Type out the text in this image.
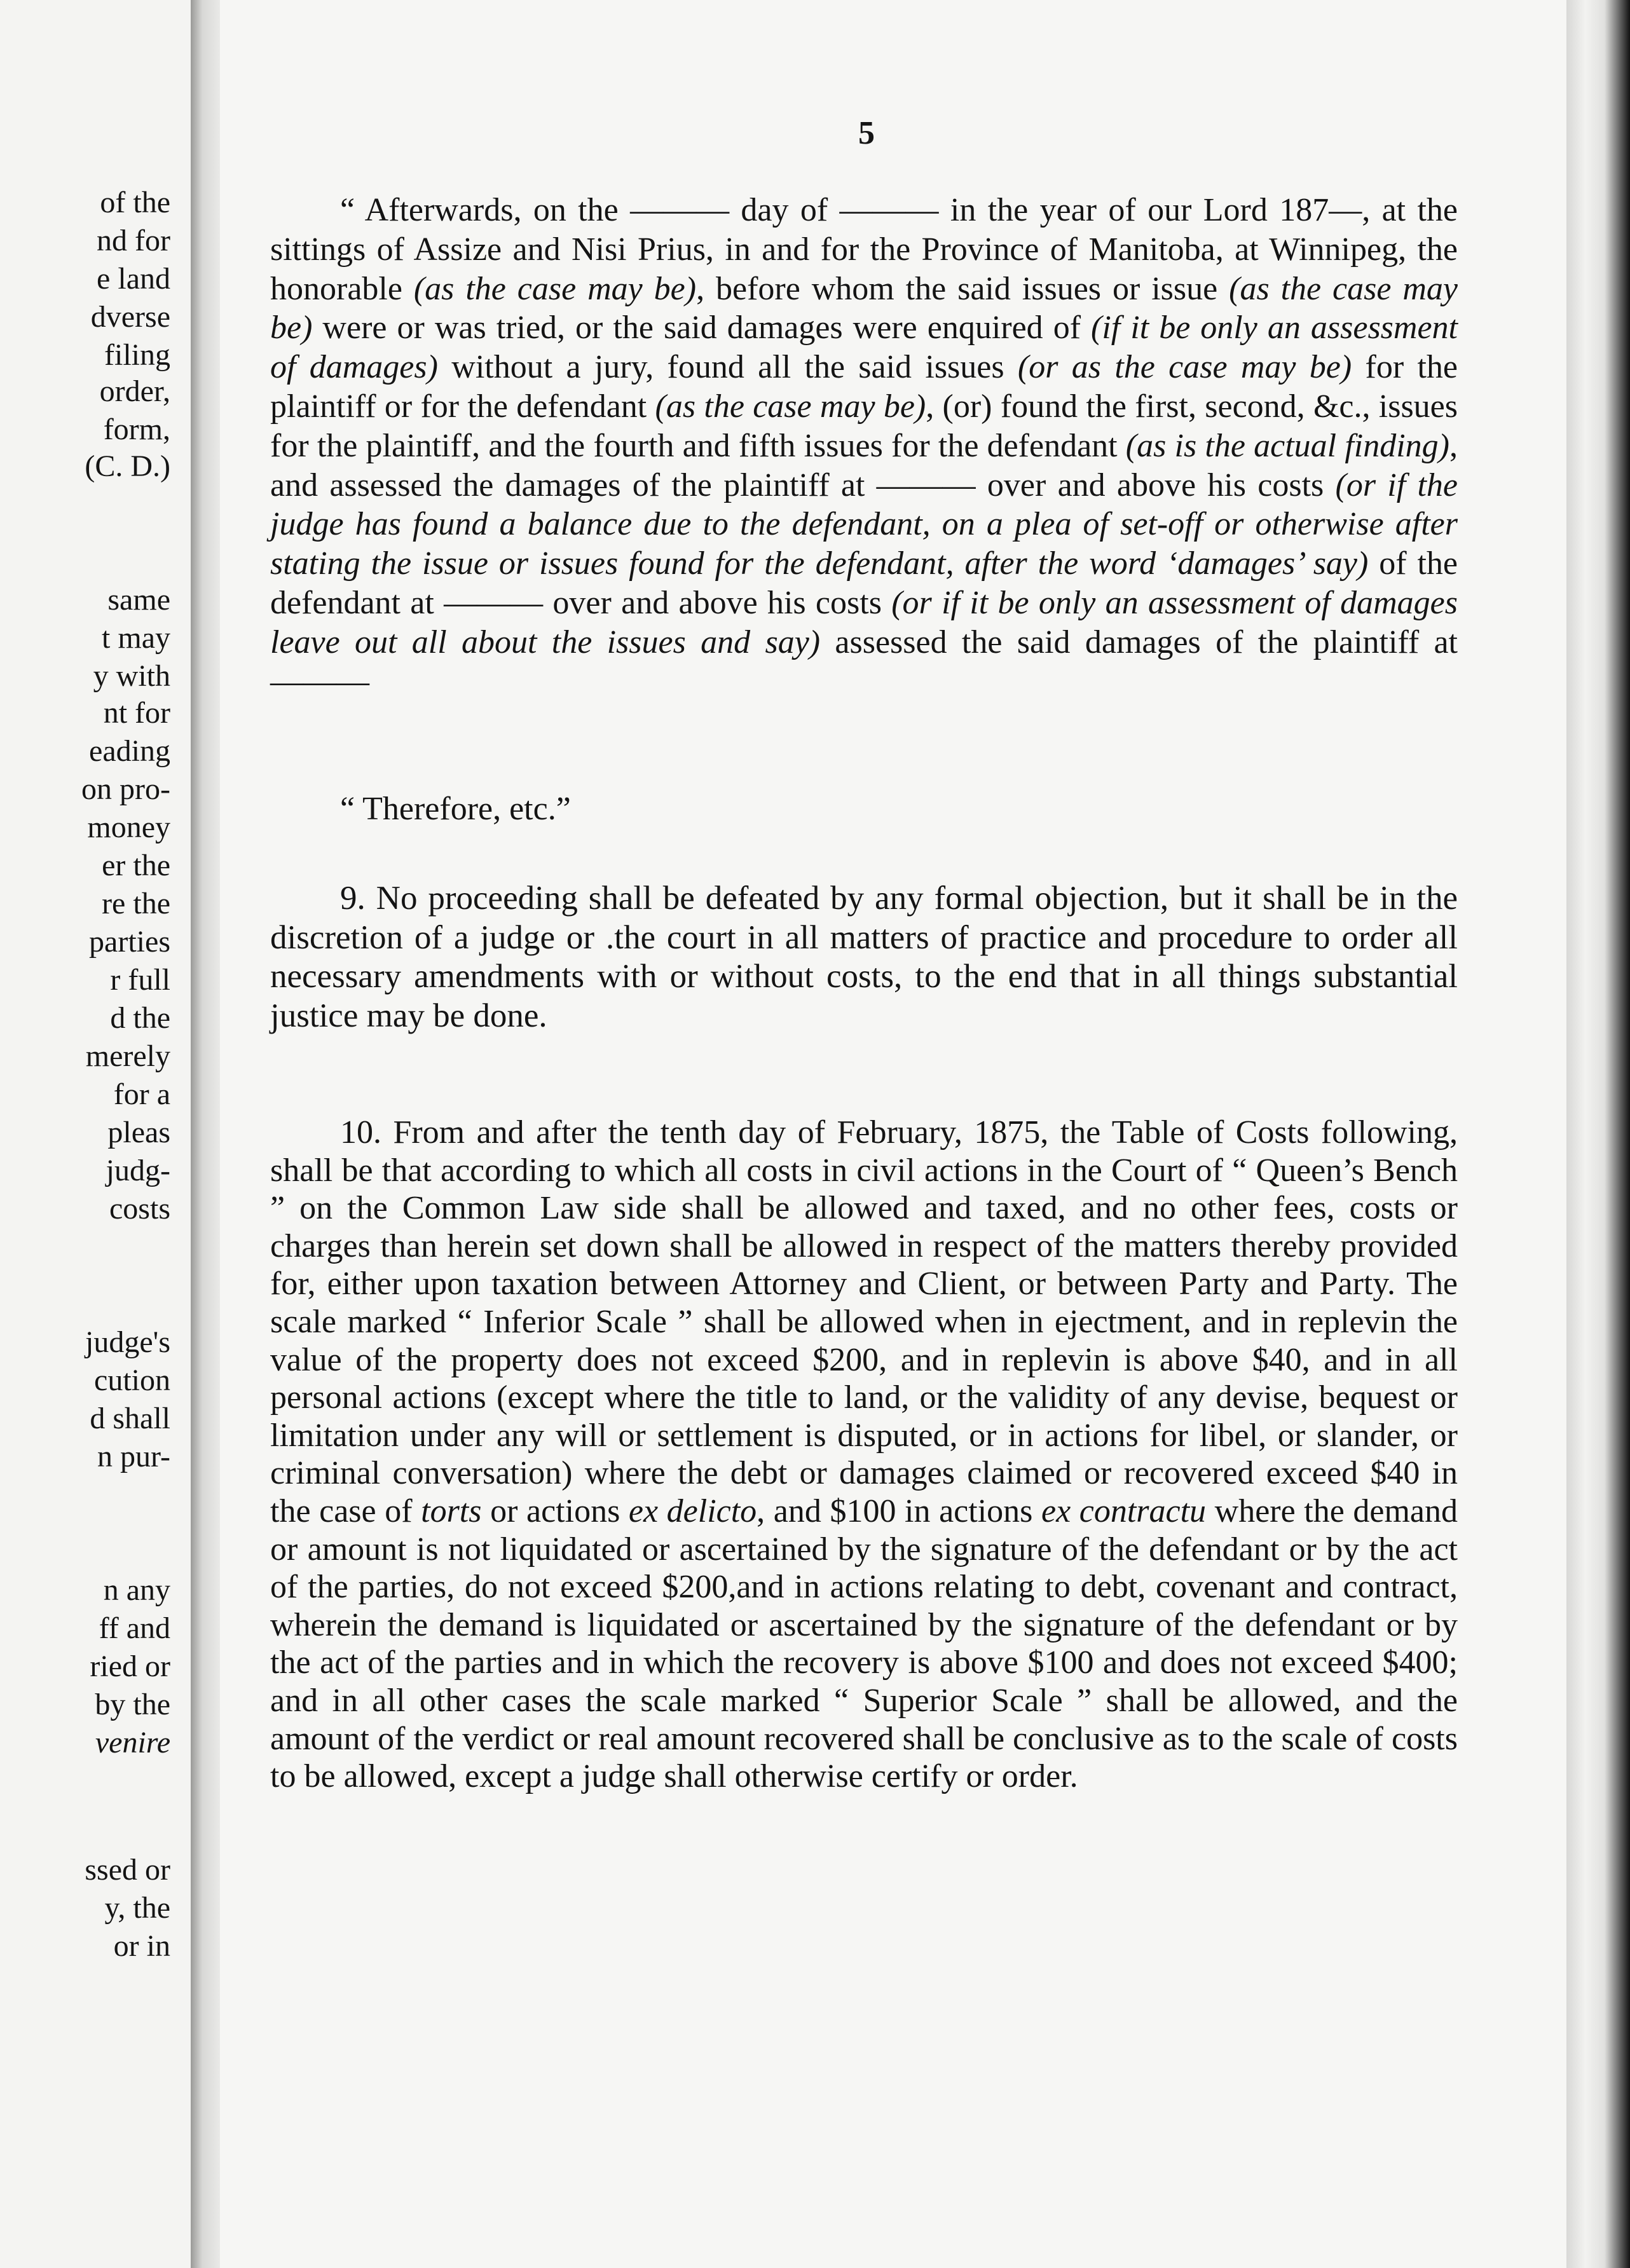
of the
nd for
e land
dverse
filing
order,
form,
(C. D.)
same
t may
y with
nt for
eading
on pro-
money
er the
re the
parties
r full
d the
merely
for a
pleas
judg-
costs
judge's
cution
d shall
n pur-
n any
ff and
ried or
by the
venire
ssed or
y, the
or in
5

“ Afterwards, on the ——— day of ——— in the year of our Lord 187—, at the sittings of Assize and Nisi Prius, in and for the Province of Manitoba, at Winnipeg, the honorable (as the case may be), before whom the said issues or issue (as the case may be) were or was tried, or the said damages were enquired of (if it be only an assessment of damages) without a jury, found all the said issues (or as the case may be) for the plaintiff or for the defendant (as the case may be), (or) found the first, second, &c., issues for the plaintiff, and the fourth and fifth issues for the defendant (as is the actual finding), and assessed the damages of the plaintiff at ——— over and above his costs (or if the judge has found a balance due to the defendant, on a plea of set-off or otherwise after stating the issue or issues found for the defendant, after the word ‘damages’ say) of the defendant at ——— over and above his costs (or if it be only an assessment of damages leave out all about the issues and say) assessed the said damages of the plaintiff at ———

“ Therefore, etc.”

9. No proceeding shall be defeated by any formal objection, but it shall be in the discretion of a judge or .the court in all matters of practice and procedure to order all necessary amendments with or without costs, to the end that in all things substantial justice may be done.

10. From and after the tenth day of February, 1875, the Table of Costs following, shall be that according to which all costs in civil actions in the Court of “ Queen’s Bench ” on the Common Law side shall be allowed and taxed, and no other fees, costs or charges than herein set down shall be allowed in respect of the matters thereby provided for, either upon taxation between Attorney and Client, or between Party and Party. The scale marked “ Inferior Scale ” shall be allowed when in ejectment, and in replevin the value of the property does not exceed $200, and in replevin is above $40, and in all personal actions (except where the title to land, or the validity of any devise, bequest or limitation under any will or settlement is disputed, or in actions for libel, or slander, or criminal conversation) where the debt or damages claimed or recovered exceed $40 in the case of torts or actions ex delicto, and $100 in actions ex contractu where the demand or amount is not liquidated or ascertained by the signature of the defendant or by the act of the parties, do not exceed $200,and in actions relating to debt, covenant and contract, wherein the demand is liquidated or ascertained by the signature of the defendant or by the act of the parties and in which the recovery is above $100 and does not exceed $400; and in all other cases the scale marked “ Superior Scale ” shall be allowed, and the amount of the verdict or real amount recovered shall be conclusive as to the scale of costs to be allowed, except a judge shall otherwise certify or order.
